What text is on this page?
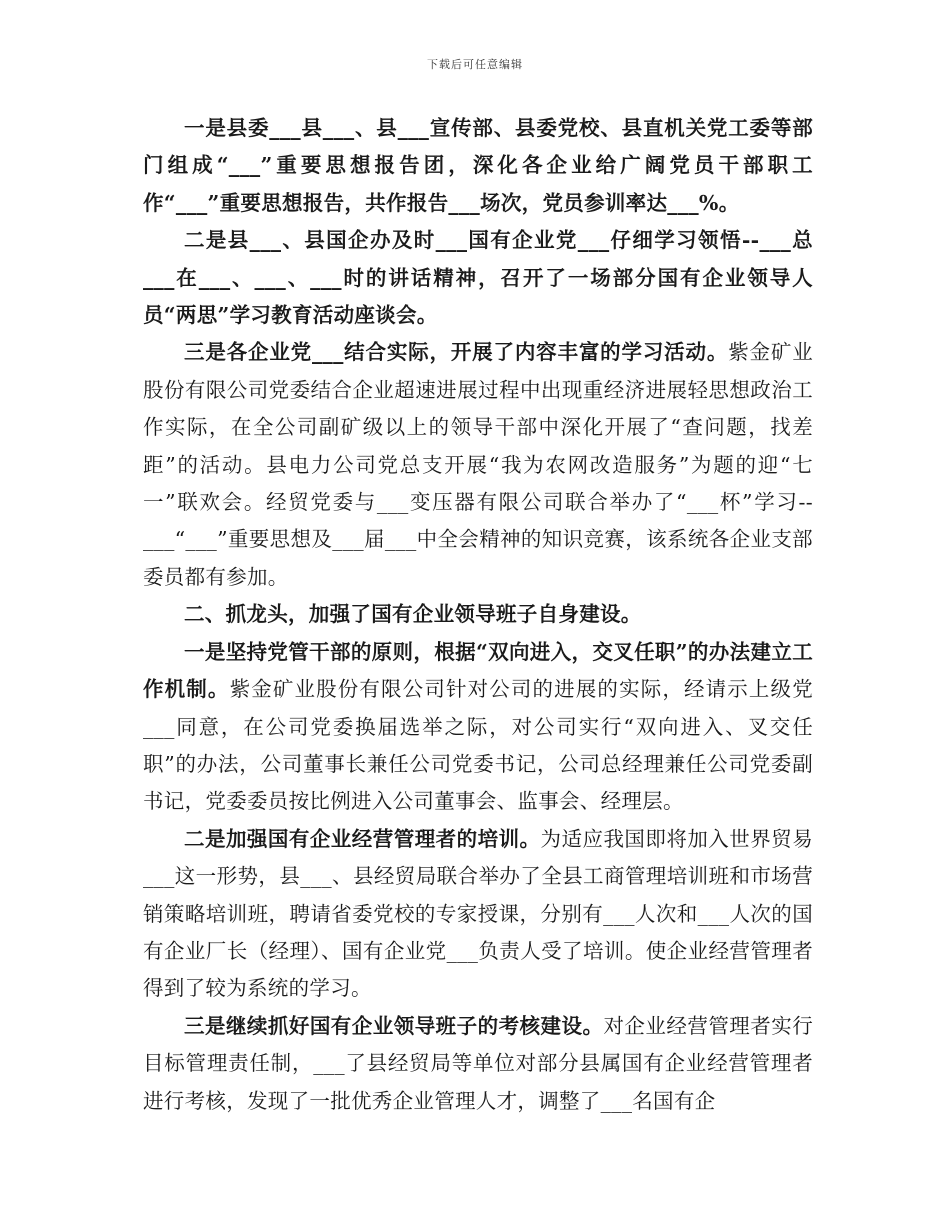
下载后可任意编辑

一是县委___县___、县___宣传部、县委党校、县直机关党工委等部门组成“___”重要思想报告团，深化各企业给广阔党员干部职工作“___”重要思想报告，共作报告___场次，党员参训率达___%。

二是县___、县国企办及时___国有企业党___仔细学习领悟--___总___在___、___、___时的讲话精神，召开了一场部分国有企业领导人员“两思”学习教育活动座谈会。

三是各企业党___结合实际，开展了内容丰富的学习活动。紫金矿业股份有限公司党委结合企业超速进展过程中出现重经济进展轻思想政治工作实际，在全公司副矿级以上的领导干部中深化开展了“查问题，找差距”的活动。县电力公司党总支开展“我为农网改造服务”为题的迎“七一”联欢会。经贸党委与___变压器有限公司联合举办了“___杯”学习--___“___”重要思想及___届___中全会精神的知识竞赛，该系统各企业支部委员都有参加。

二、抓龙头，加强了国有企业领导班子自身建设。

一是坚持党管干部的原则，根据“双向进入，交叉任职”的办法建立工作机制。紫金矿业股份有限公司针对公司的进展的实际，经请示上级党___同意，在公司党委换届选举之际，对公司实行“双向进入、叉交任职”的办法，公司董事长兼任公司党委书记，公司总经理兼任公司党委副书记，党委委员按比例进入公司董事会、监事会、经理层。

二是加强国有企业经营管理者的培训。为适应我国即将加入世界贸易___这一形势，县___、县经贸局联合举办了全县工商管理培训班和市场营销策略培训班，聘请省委党校的专家授课，分别有___人次和___人次的国有企业厂长（经理）、国有企业党___负责人受了培训。使企业经营管理者得到了较为系统的学习。

三是继续抓好国有企业领导班子的考核建设。对企业经营管理者实行目标管理责任制，___了县经贸局等单位对部分县属国有企业经营管理者进行考核，发现了一批优秀企业管理人才，调整了___名国有企
